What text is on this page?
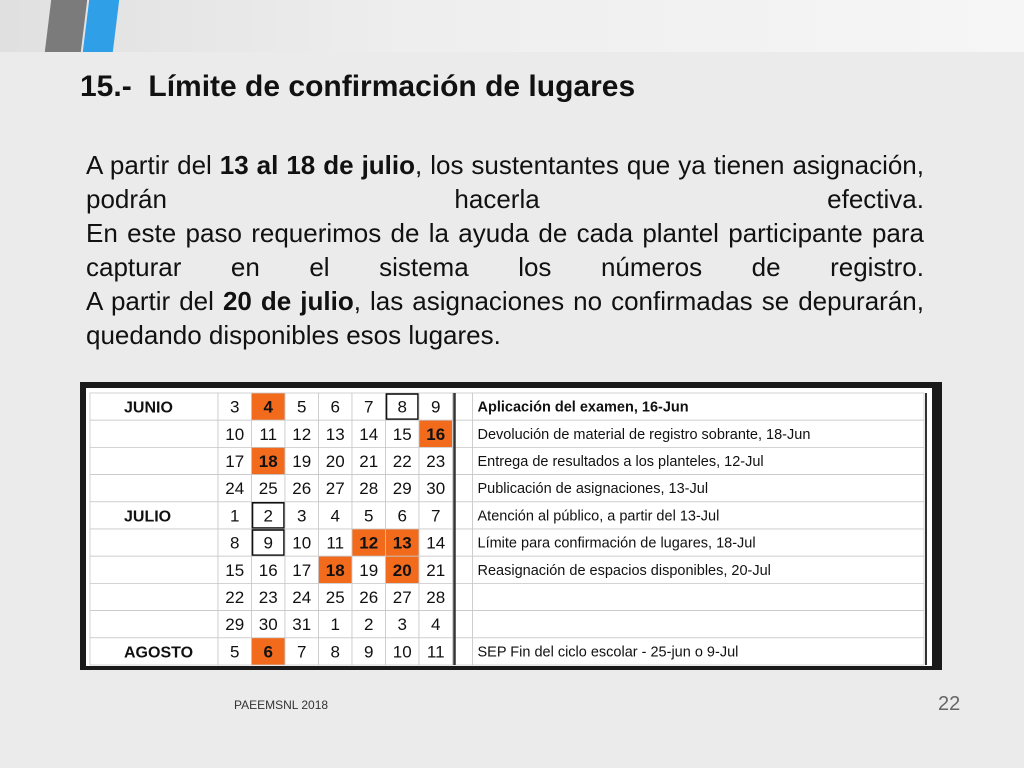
15.-  Límite de confirmación de lugares

A partir del 13 al 18 de julio, los sustentantes que ya tienen asignación, podrán hacerla efectiva.

En este paso requerimos de la ayuda de cada plantel participante para capturar en el sistema los números de registro.

A partir del 20 de julio, las asignaciones no confirmadas se depurarán, quedando disponibles esos lugares.

JUNIO	3 4 5 6 7 8 9	Aplicación del examen, 16-Jun
10 11 12 13 14 15 16 Devolución de material de registro sobrante, 18-Jun
17 18 19 20 21 22 23 Entrega de resultados a los planteles, 12-Jul
24 25 26 27 28 29 30 Publicación de asignaciones, 13-Jul
JULIO	1 2 3 4 5 6 7	Atención al público, a partir del 13-Jul
8 9 10 11 12 13 14 Límite para confirmación de lugares, 18-Jul
15 16 17 18 19 20 21 Reasignación de espacios disponibles, 20-Jul
22 23 24 25 26 27 28
29 30 31 1 2 3 4
AGOSTO 5 6 7 8 9 10 11 SEP Fin del ciclo escolar - 25-jun o 9-Jul
PAEEMSNL 2018	22
